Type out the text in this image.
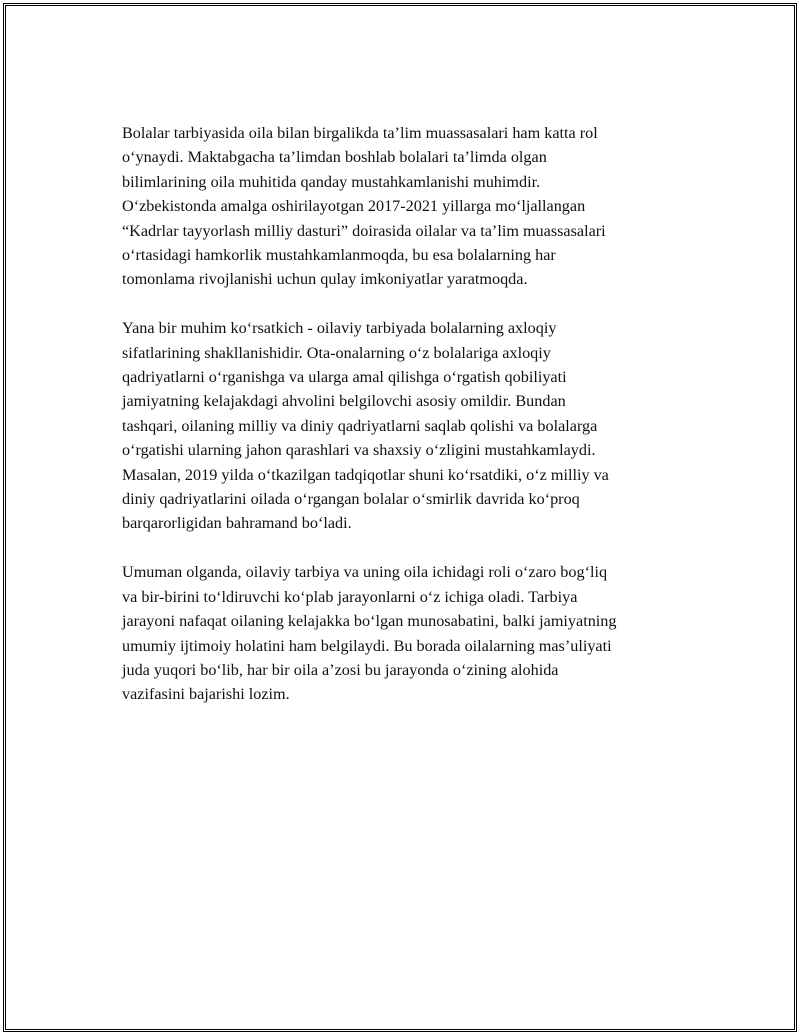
Bolalar tarbiyasida oila bilan birgalikda ta’lim muassasalari ham katta rol
o‘ynaydi. Maktabgacha ta’limdan boshlab bolalari ta’limda olgan
bilimlarining oila muhitida qanday mustahkamlanishi muhimdir.
O‘zbekistonda amalga oshirilayotgan 2017-2021 yillarga mo‘ljallangan
“Kadrlar tayyorlash milliy dasturi” doirasida oilalar va ta’lim muassasalari
o‘rtasidagi hamkorlik mustahkamlanmoqda, bu esa bolalarning har
tomonlama rivojlanishi uchun qulay imkoniyatlar yaratmoqda.

Yana bir muhim ko‘rsatkich - oilaviy tarbiyada bolalarning axloqiy
sifatlarining shakllanishidir. Ota-onalarning o‘z bolalariga axloqiy
qadriyatlarni o‘rganishga va ularga amal qilishga o‘rgatish qobiliyati
jamiyatning kelajakdagi ahvolini belgilovchi asosiy omildir. Bundan
tashqari, oilaning milliy va diniy qadriyatlarni saqlab qolishi va bolalarga
o‘rgatishi ularning jahon qarashlari va shaxsiy o‘zligini mustahkamlaydi.
Masalan, 2019 yilda o‘tkazilgan tadqiqotlar shuni ko‘rsatdiki, o‘z milliy va
diniy qadriyatlarini oilada o‘rgangan bolalar o‘smirlik davrida ko‘proq
barqarorligidan bahramand bo‘ladi.

Umuman olganda, oilaviy tarbiya va uning oila ichidagi roli o‘zaro bog‘liq
va bir-birini to‘ldiruvchi ko‘plab jarayonlarni o‘z ichiga oladi. Tarbiya
jarayoni nafaqat oilaning kelajakka bo‘lgan munosabatini, balki jamiyatning
umumiy ijtimoiy holatini ham belgilaydi. Bu borada oilalarning mas’uliyati
juda yuqori bo‘lib, har bir oila a’zosi bu jarayonda o‘zining alohida
vazifasini bajarishi lozim.
